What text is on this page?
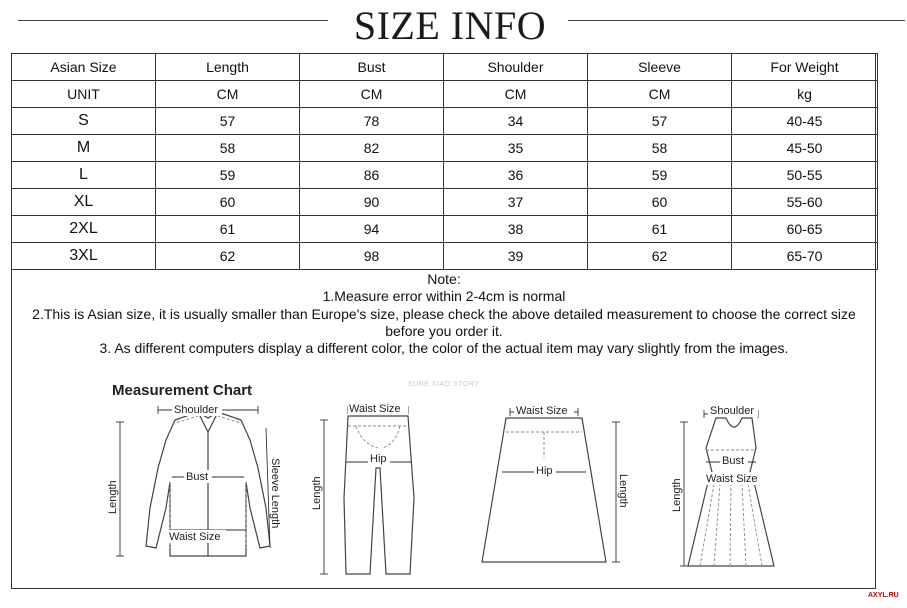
SIZE INFO
Asian Size	Length	Bust	Shoulder	Sleeve	For Weight
UNIT	CM	CM	CM	CM	kg
S	57	78	34	57	40-45
M	58	82	35	58	45-50
L	59	86	36	59	50-55
XL	60	90	37	60	55-60
2XL	61	94	38	61	60-65
3XL	62	98	39	62	65-70
Note:
1.Measure error within 2-4cm is normal
2.This is Asian size, it is usually smaller than Europe's size, please check the above detailed measurement to choose the correct size
before you order it.
3. As different computers display a different color, the color of the actual item may vary slightly from the images.
Measurement Chart	SURE XIAO STORY
Shoulder
Bust
Waist Size
Length	Sleeve Length
Waist Size
Hip
Length
Waist Size
Hip
Length
Shoulder
Bust
Waist Size
Length
AXYL.RU
